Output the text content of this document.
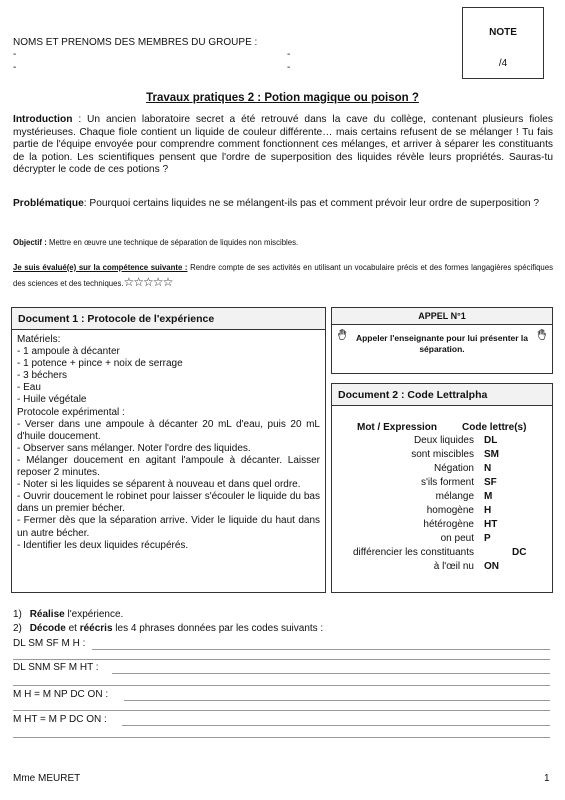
NOMS ET PRENOMS DES MEMBRES DU GROUPE :
-	-
-	-
NOTE
/4
Travaux pratiques 2 : Potion magique ou poison ?
Introduction : Un ancien laboratoire secret a été retrouvé dans la cave du collège, contenant plusieurs fioles mystérieuses. Chaque fiole contient un liquide de couleur différente… mais certains refusent de se mélanger ! Tu fais partie de l'équipe envoyée pour comprendre comment fonctionnent ces mélanges, et arriver à séparer les constituants de la potion. Les scientifiques pensent que l'ordre de superposition des liquides révèle leurs propriétés. Sauras-tu décrypter le code de ces potions ?
Problématique: Pourquoi certains liquides ne se mélangent-ils pas et comment prévoir leur ordre de superposition ?
Objectif : Mettre en œuvre une technique de séparation de liquides non miscibles.
Je suis évalué(e) sur la compétence suivante : Rendre compte de ses activités en utilisant un vocabulaire précis et des formes langagières spécifiques des sciences et des techniques.☆☆☆☆☆
Document 1 : Protocole de l'expérience
Matériels:
- 1 ampoule à décanter
- 1 potence + pince + noix de serrage
- 3 béchers
- Eau
- Huile végétale
Protocole expérimental :
- Verser dans une ampoule à décanter 20 mL d'eau, puis 20 mL d'huile doucement.
- Observer sans mélanger. Noter l'ordre des liquides.
- Mélanger doucement en agitant l'ampoule à décanter. Laisser reposer 2 minutes.
- Noter si les liquides se séparent à nouveau et dans quel ordre.
- Ouvrir doucement le robinet pour laisser s'écouler le liquide du bas dans un premier bécher.
- Fermer dès que la séparation arrive. Vider le liquide du haut dans un autre bécher.
- Identifier les deux liquides récupérés.
APPEL N°1
Appeler l'enseignante pour lui présenter la séparation.
Document 2 : Code Lettralpha
Mot / Expression	Code lettre(s)
Deux liquides	DL
sont miscibles	SM
Négation	N
s'ils forment	SF
mélange	M
homogène	H
hétérogène	HT
on peut	P
différencier les constituants	DC
à l'œil nu	ON
1) Réalise l'expérience.
2) Décode et réécris les 4 phrases données par les codes suivants :
DL SM SF M H :
DL SNM SF M HT :
M H = M NP DC ON :
M HT = M P DC ON :
Mme MEURET	1
